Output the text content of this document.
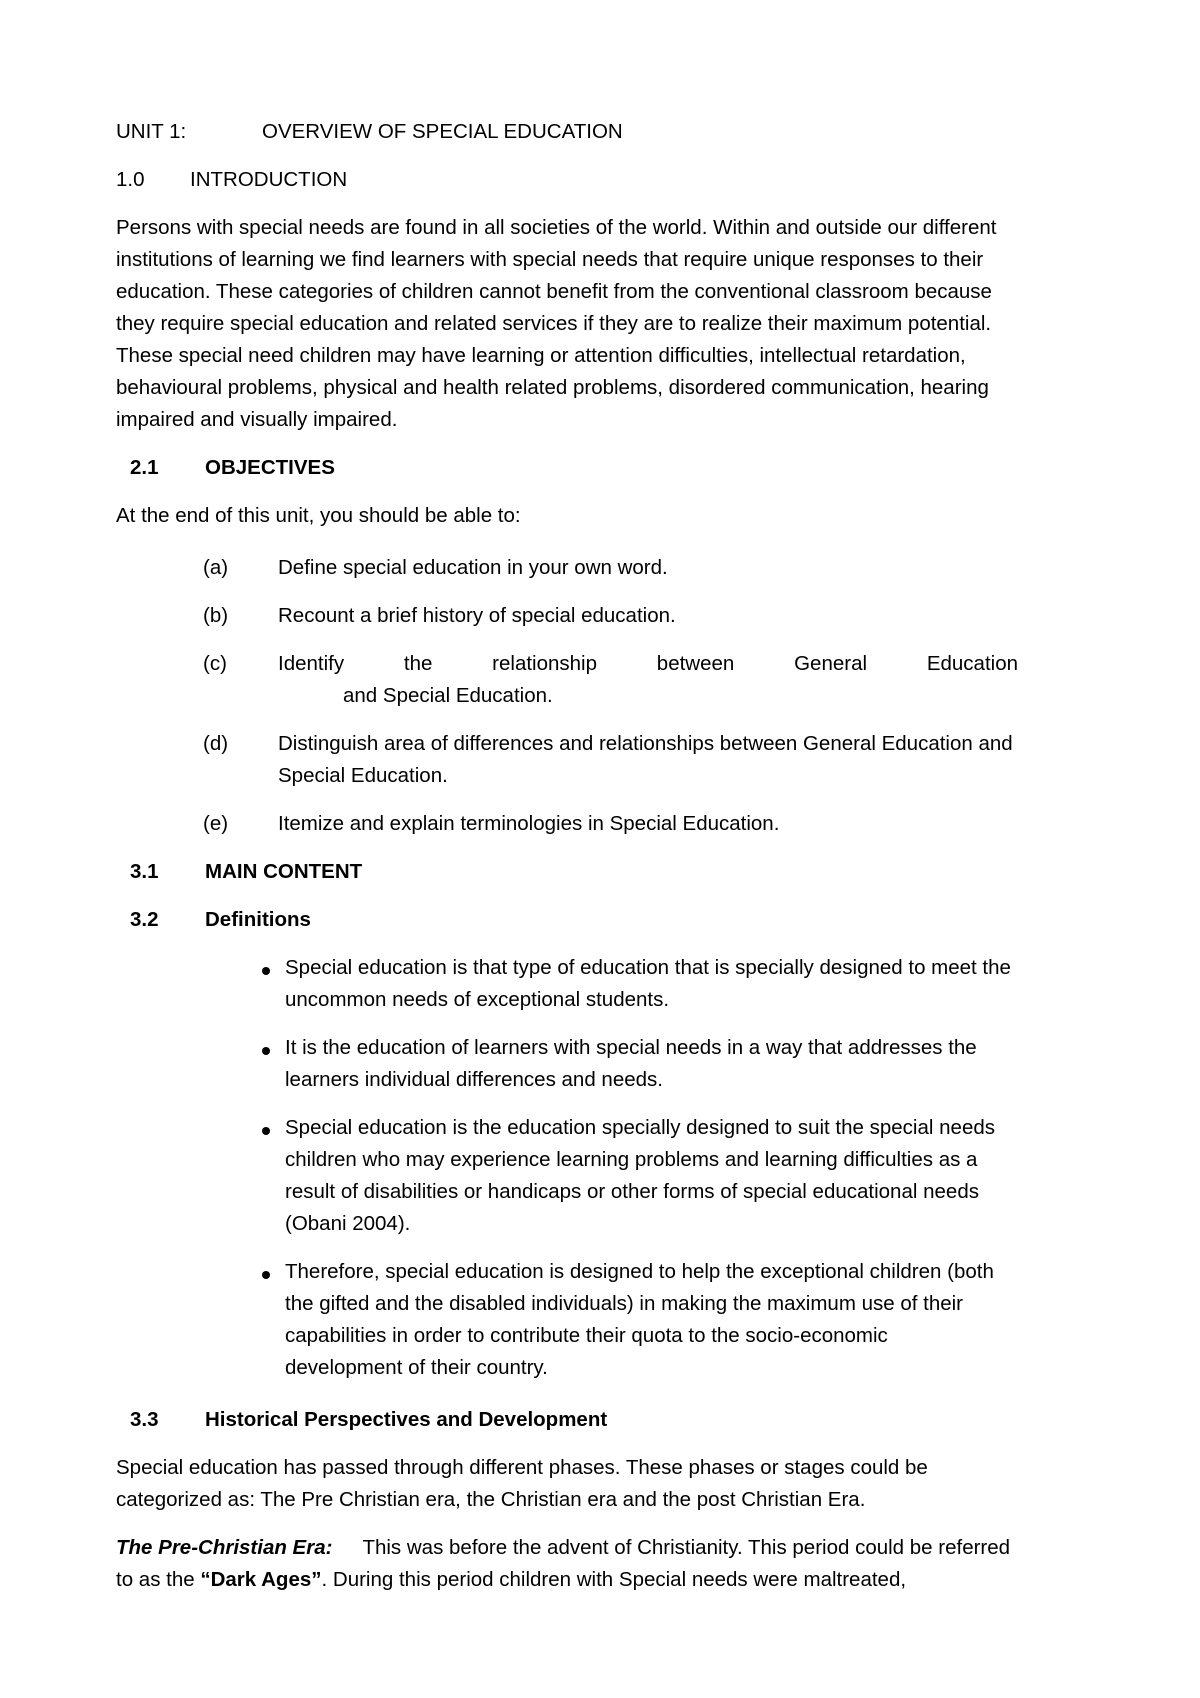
UNIT 1:	OVERVIEW OF SPECIAL EDUCATION
1.0 INTRODUCTION
Persons with special needs are found in all societies of the world. Within and outside our different
institutions of learning we find learners with special needs that require unique responses to their
education. These categories of children cannot benefit from the conventional classroom because
they require special education and related services if they are to realize their maximum potential.
These special need children may have learning or attention difficulties, intellectual retardation,
behavioural problems, physical and health related problems, disordered communication, hearing
impaired and visually impaired.
2.1 OBJECTIVES
At the end of this unit, you should be able to:
(a) Define special education in your own word.
(b) Recount a brief history of special education.
(c) Identify	the	relationship	between	General	Education
and Special Education.
(d) Distinguish area of differences and relationships between General Education and
Special Education.
(e) Itemize and explain terminologies in Special Education.
3.1 MAIN CONTENT
3.2 Definitions
Special education is that type of education that is specially designed to meet the
uncommon needs of exceptional students.
It is the education of learners with special needs in a way that addresses the
learners individual differences and needs.
Special education is the education specially designed to suit the special needs
children who may experience learning problems and learning difficulties as a
result of disabilities or handicaps or other forms of special educational needs
(Obani 2004).
Therefore, special education is designed to help the exceptional children (both
the gifted and the disabled individuals) in making the maximum use of their
capabilities in order to contribute their quota to the socio-economic
development of their country.
3.3 Historical Perspectives and Development
Special education has passed through different phases. These phases or stages could be
categorized as: The Pre Christian era, the Christian era and the post Christian Era.
The Pre-Christian Era: This was before the advent of Christianity. This period could be referred
to as the “Dark Ages”. During this period children with Special needs were maltreated,
